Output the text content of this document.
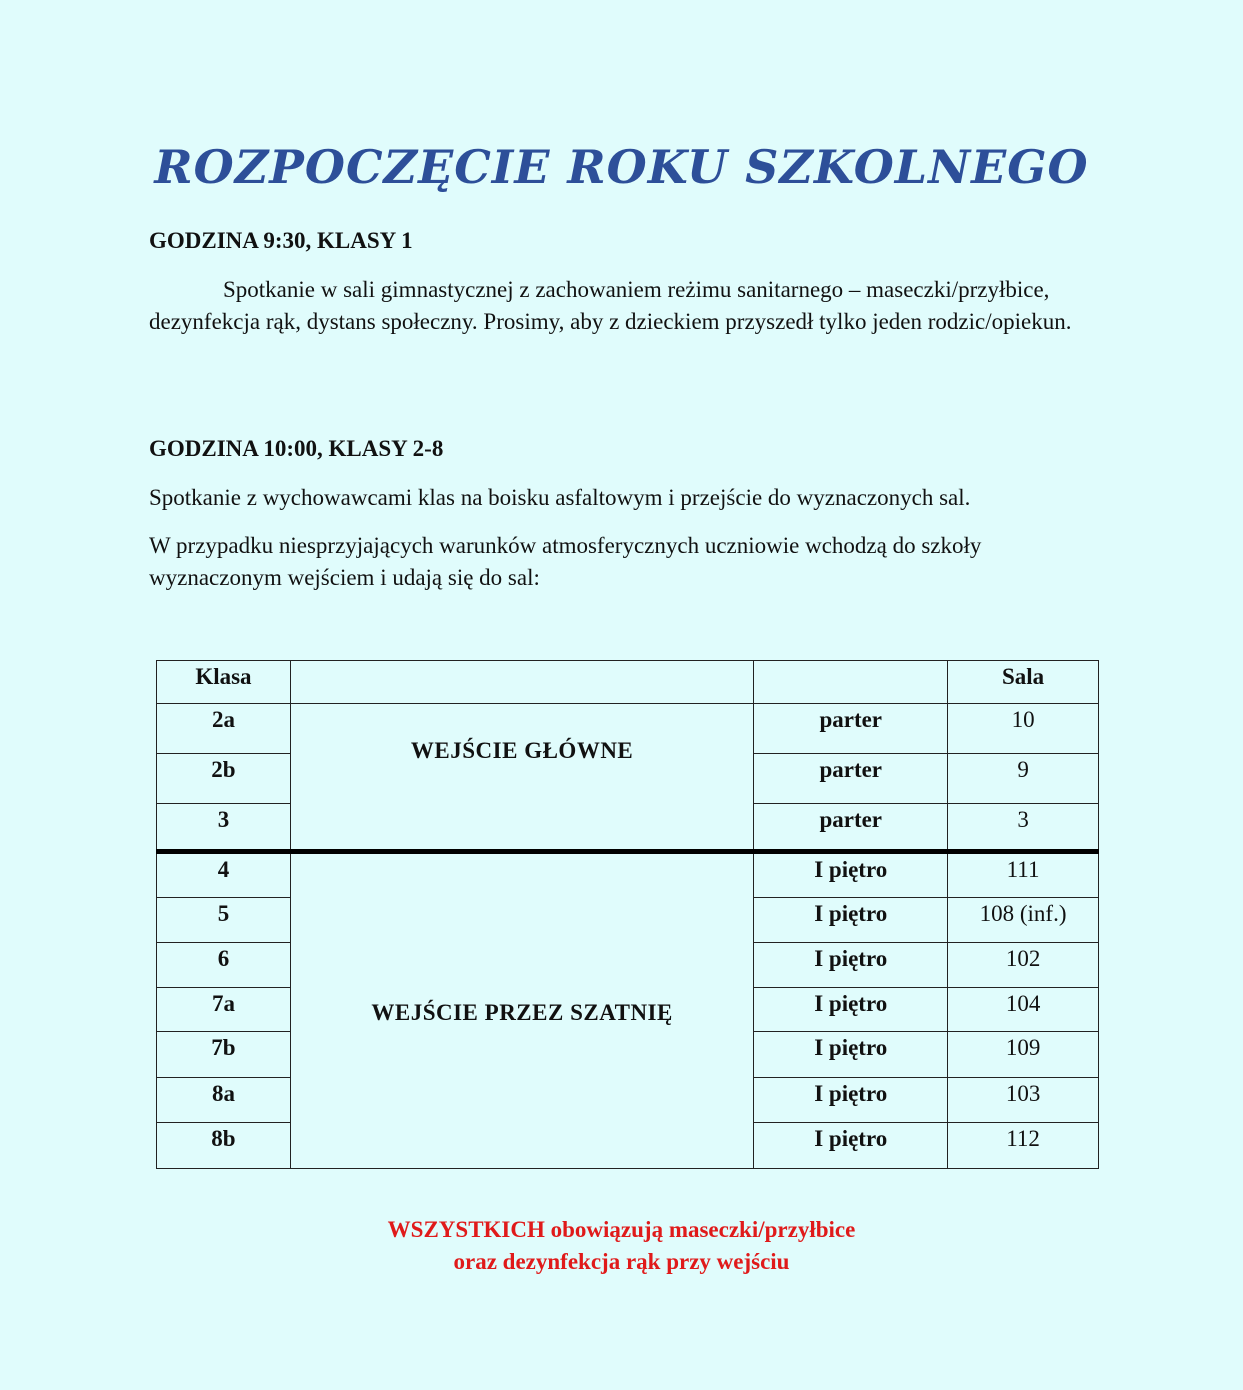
ROZPOCZĘCIE ROKU SZKOLNEGO
GODZINA 9:30, KLASY 1

Spotkanie w sali gimnastycznej z zachowaniem reżimu sanitarnego – maseczki/przyłbice, dezynfekcja rąk, dystans społeczny. Prosimy, aby z dzieckiem przyszedł tylko jeden rodzic/opiekun.

GODZINA 10:00, KLASY 2-8

Spotkanie z wychowawcami klas na boisku asfaltowym i przejście do wyznaczonych sal.

W przypadku niesprzyjających warunków atmosferycznych uczniowie wchodzą do szkoły wyznaczonym wejściem i udają się do sal:

Klasa			Sala
2a	WEJŚCIE GŁÓWNE	parter	10
2b		parter	9
3		parter	3
4	WEJŚCIE PRZEZ SZATNIĘ	I piętro	111
5		I piętro	108 (inf.)
6		I piętro	102
7a		I piętro	104
7b		I piętro	109
8a		I piętro	103
8b		I piętro	112

WSZYSTKICH obowiązują maseczki/przyłbice
oraz dezynfekcja rąk przy wejściu
